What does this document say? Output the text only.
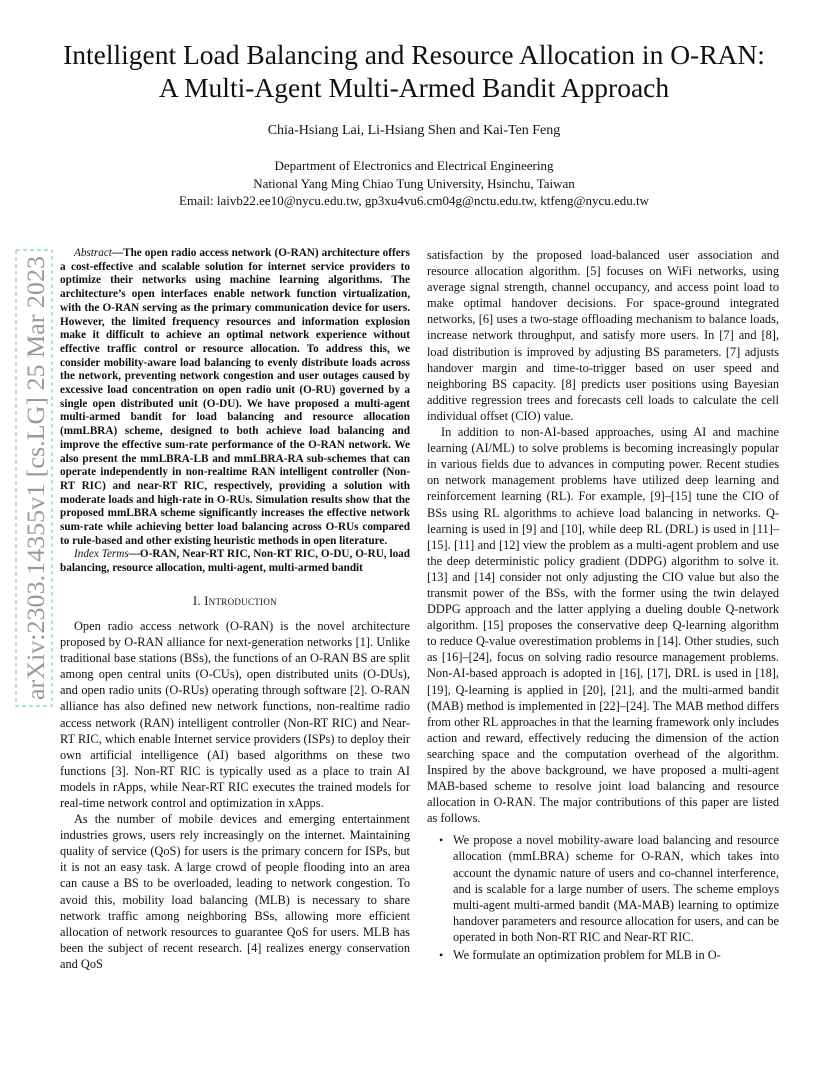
Intelligent Load Balancing and Resource Allocation in O-RAN:
A Multi-Agent Multi-Armed Bandit Approach
Chia-Hsiang Lai, Li-Hsiang Shen and Kai-Ten Feng
Department of Electronics and Electrical Engineering
National Yang Ming Chiao Tung University, Hsinchu, Taiwan
Email: laivb22.ee10@nycu.edu.tw, gp3xu4vu6.cm04g@nctu.edu.tw, ktfeng@nycu.edu.tw
arXiv:2303.14355v1 [cs.LG] 25 Mar 2023

Abstract—The open radio access network (O-RAN) architecture offers a cost-effective and scalable solution for internet service providers to optimize their networks using machine learning algorithms. The architecture’s open interfaces enable network function virtualization, with the O-RAN serving as the primary communication device for users. However, the limited frequency resources and information explosion make it difficult to achieve an optimal network experience without effective traffic control or resource allocation. To address this, we consider mobility-aware load balancing to evenly distribute loads across the network, preventing network congestion and user outages caused by excessive load concentration on open radio unit (O-RU) governed by a single open distributed unit (O-DU). We have proposed a multi-agent multi-armed bandit for load balancing and resource allocation (mmLBRA) scheme, designed to both achieve load balancing and improve the effective sum-rate performance of the O-RAN network. We also present the mmLBRA-LB and mmLBRA-RA sub-schemes that can operate independently in non-realtime RAN intelligent controller (Non-RT RIC) and near-RT RIC, respectively, providing a solution with moderate loads and high-rate in O-RUs. Simulation results show that the proposed mmLBRA scheme significantly increases the effective network sum-rate while achieving better load balancing across O-RUs compared to rule-based and other existing heuristic methods in open literature.

Index Terms—O-RAN, Near-RT RIC, Non-RT RIC, O-DU, O-RU, load balancing, resource allocation, multi-agent, multi-armed bandit

I. Introduction

Open radio access network (O-RAN) is the novel architecture proposed by O-RAN alliance for next-generation networks [1]. Unlike traditional base stations (BSs), the functions of an O-RAN BS are split among open central units (O-CUs), open distributed units (O-DUs), and open radio units (O-RUs) operating through software [2]. O-RAN alliance has also defined new network functions, non-realtime radio access network (RAN) intelligent controller (Non-RT RIC) and Near-RT RIC, which enable Internet service providers (ISPs) to deploy their own artificial intelligence (AI) based algorithms on these two functions [3]. Non-RT RIC is typically used as a place to train AI models in rApps, while Near-RT RIC executes the trained models for real-time network control and optimization in xApps.

As the number of mobile devices and emerging entertainment industries grows, users rely increasingly on the internet. Maintaining quality of service (QoS) for users is the primary concern for ISPs, but it is not an easy task. A large crowd of people flooding into an area can cause a BS to be overloaded, leading to network congestion. To avoid this, mobility load balancing (MLB) is necessary to share network traffic among neighboring BSs, allowing more efficient allocation of network resources to guarantee QoS for users. MLB has been the subject of recent research. [4] realizes energy conservation and QoS

satisfaction by the proposed load-balanced user association and resource allocation algorithm. [5] focuses on WiFi networks, using average signal strength, channel occupancy, and access point load to make optimal handover decisions. For space-ground integrated networks, [6] uses a two-stage offloading mechanism to balance loads, increase network throughput, and satisfy more users. In [7] and [8], load distribution is improved by adjusting BS parameters. [7] adjusts handover margin and time-to-trigger based on user speed and neighboring BS capacity. [8] predicts user positions using Bayesian additive regression trees and forecasts cell loads to calculate the cell individual offset (CIO) value.

In addition to non-AI-based approaches, using AI and machine learning (AI/ML) to solve problems is becoming increasingly popular in various fields due to advances in computing power. Recent studies on network management problems have utilized deep learning and reinforcement learning (RL). For example, [9]–[15] tune the CIO of BSs using RL algorithms to achieve load balancing in networks. Q-learning is used in [9] and [10], while deep RL (DRL) is used in [11]–[15]. [11] and [12] view the problem as a multi-agent problem and use the deep deterministic policy gradient (DDPG) algorithm to solve it. [13] and [14] consider not only adjusting the CIO value but also the transmit power of the BSs, with the former using the twin delayed DDPG approach and the latter applying a dueling double Q-network algorithm. [15] proposes the conservative deep Q-learning algorithm to reduce Q-value overestimation problems in [14]. Other studies, such as [16]–[24], focus on solving radio resource management problems. Non-AI-based approach is adopted in [16], [17], DRL is used in [18], [19], Q-learning is applied in [20], [21], and the multi-armed bandit (MAB) method is implemented in [22]–[24]. The MAB method differs from other RL approaches in that the learning framework only includes action and reward, effectively reducing the dimension of the action searching space and the computation overhead of the algorithm. Inspired by the above background, we have proposed a multi-agent MAB-based scheme to resolve joint load balancing and resource allocation in O-RAN. The major contributions of this paper are listed as follows.

• We propose a novel mobility-aware load balancing and resource allocation (mmLBRA) scheme for O-RAN, which takes into account the dynamic nature of users and co-channel interference, and is scalable for a large number of users. The scheme employs multi-agent multi-armed bandit (MA-MAB) learning to optimize handover parameters and resource allocation for users, and can be operated in both Non-RT RIC and Near-RT RIC.
• We formulate an optimization problem for MLB in O-
